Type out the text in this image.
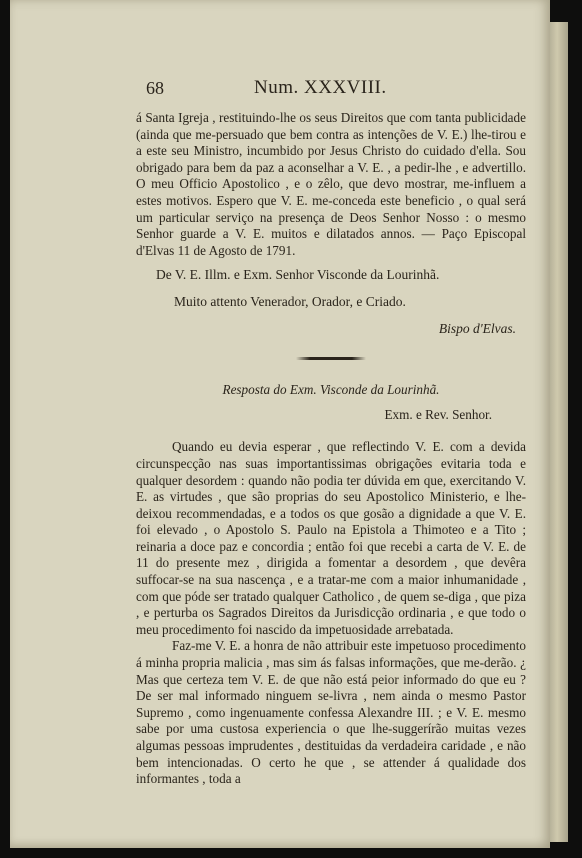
68	Num. XXXVIII.

á Santa Igreja , restituindo-lhe os seus Direitos que com tanta publicidade (ainda que me-persuado que bem contra as intenções de V. E.) lhe-tirou e a este seu Ministro, incumbido por Jesus Christo do cuidado d'ella. Sou obrigado para bem da paz a aconselhar a V. E. , a pedir-lhe , e advertillo. O meu Officio Apostolico , e o zêlo, que devo mostrar, me-influem a estes motivos. Espero que V. E. me-conceda este beneficio , o qual será um particular serviço na presença de Deos Senhor Nosso : o mesmo Senhor guarde a V. E. muitos e dilatados annos. — Paço Episcopal d'Elvas 11 de Agosto de 1791.

De V. E. Illm. e Exm. Senhor Visconde da Lourinhã.
Muito attento Venerador, Orador, e Criado.
Bispo d'Elvas.
Resposta do Exm. Visconde da Lourinhã.
Exm. e Rev. Senhor.

Quando eu devia esperar , que reflectindo V. E. com a devida circunspecção nas suas importantissimas obrigações evitaria toda e qualquer desordem : quando não podia ter dúvida em que, exercitando V. E. as virtudes , que são proprias do seu Apostolico Ministerio, e lhe-deixou recommendadas, e a todos os que gosão a dignidade a que V. E. foi elevado , o Apostolo S. Paulo na Epistola a Thimoteo e a Tito ; reinaria a doce paz e concordia ; então foi que recebi a carta de V. E. de 11 do presente mez , dirigida a fomentar a desordem , que devêra suffocar-se na sua nascença , e a tratar-me com a maior inhumanidade , com que póde ser tratado qualquer Catholico , de quem se-diga , que piza , e perturba os Sagrados Direitos da Jurisdicção ordinaria , e que todo o meu procedimento foi nascido da impetuosidade arrebatada.

Faz-me V. E. a honra de não attribuir este impetuoso procedimento á minha propria malicia , mas sim ás falsas informações, que me-derão. ¿ Mas que certeza tem V. E. de que não está peior informado do que eu ? De ser mal informado ninguem se-livra , nem ainda o mesmo Pastor Supremo , como ingenuamente confessa Alexandre III. ; e V. E. mesmo sabe por uma custosa experiencia o que lhe-suggerírão muitas vezes algumas pessoas imprudentes , destituidas da verdadeira caridade , e não bem intencionadas. O certo he que , se attender á qualidade dos informantes , toda a
